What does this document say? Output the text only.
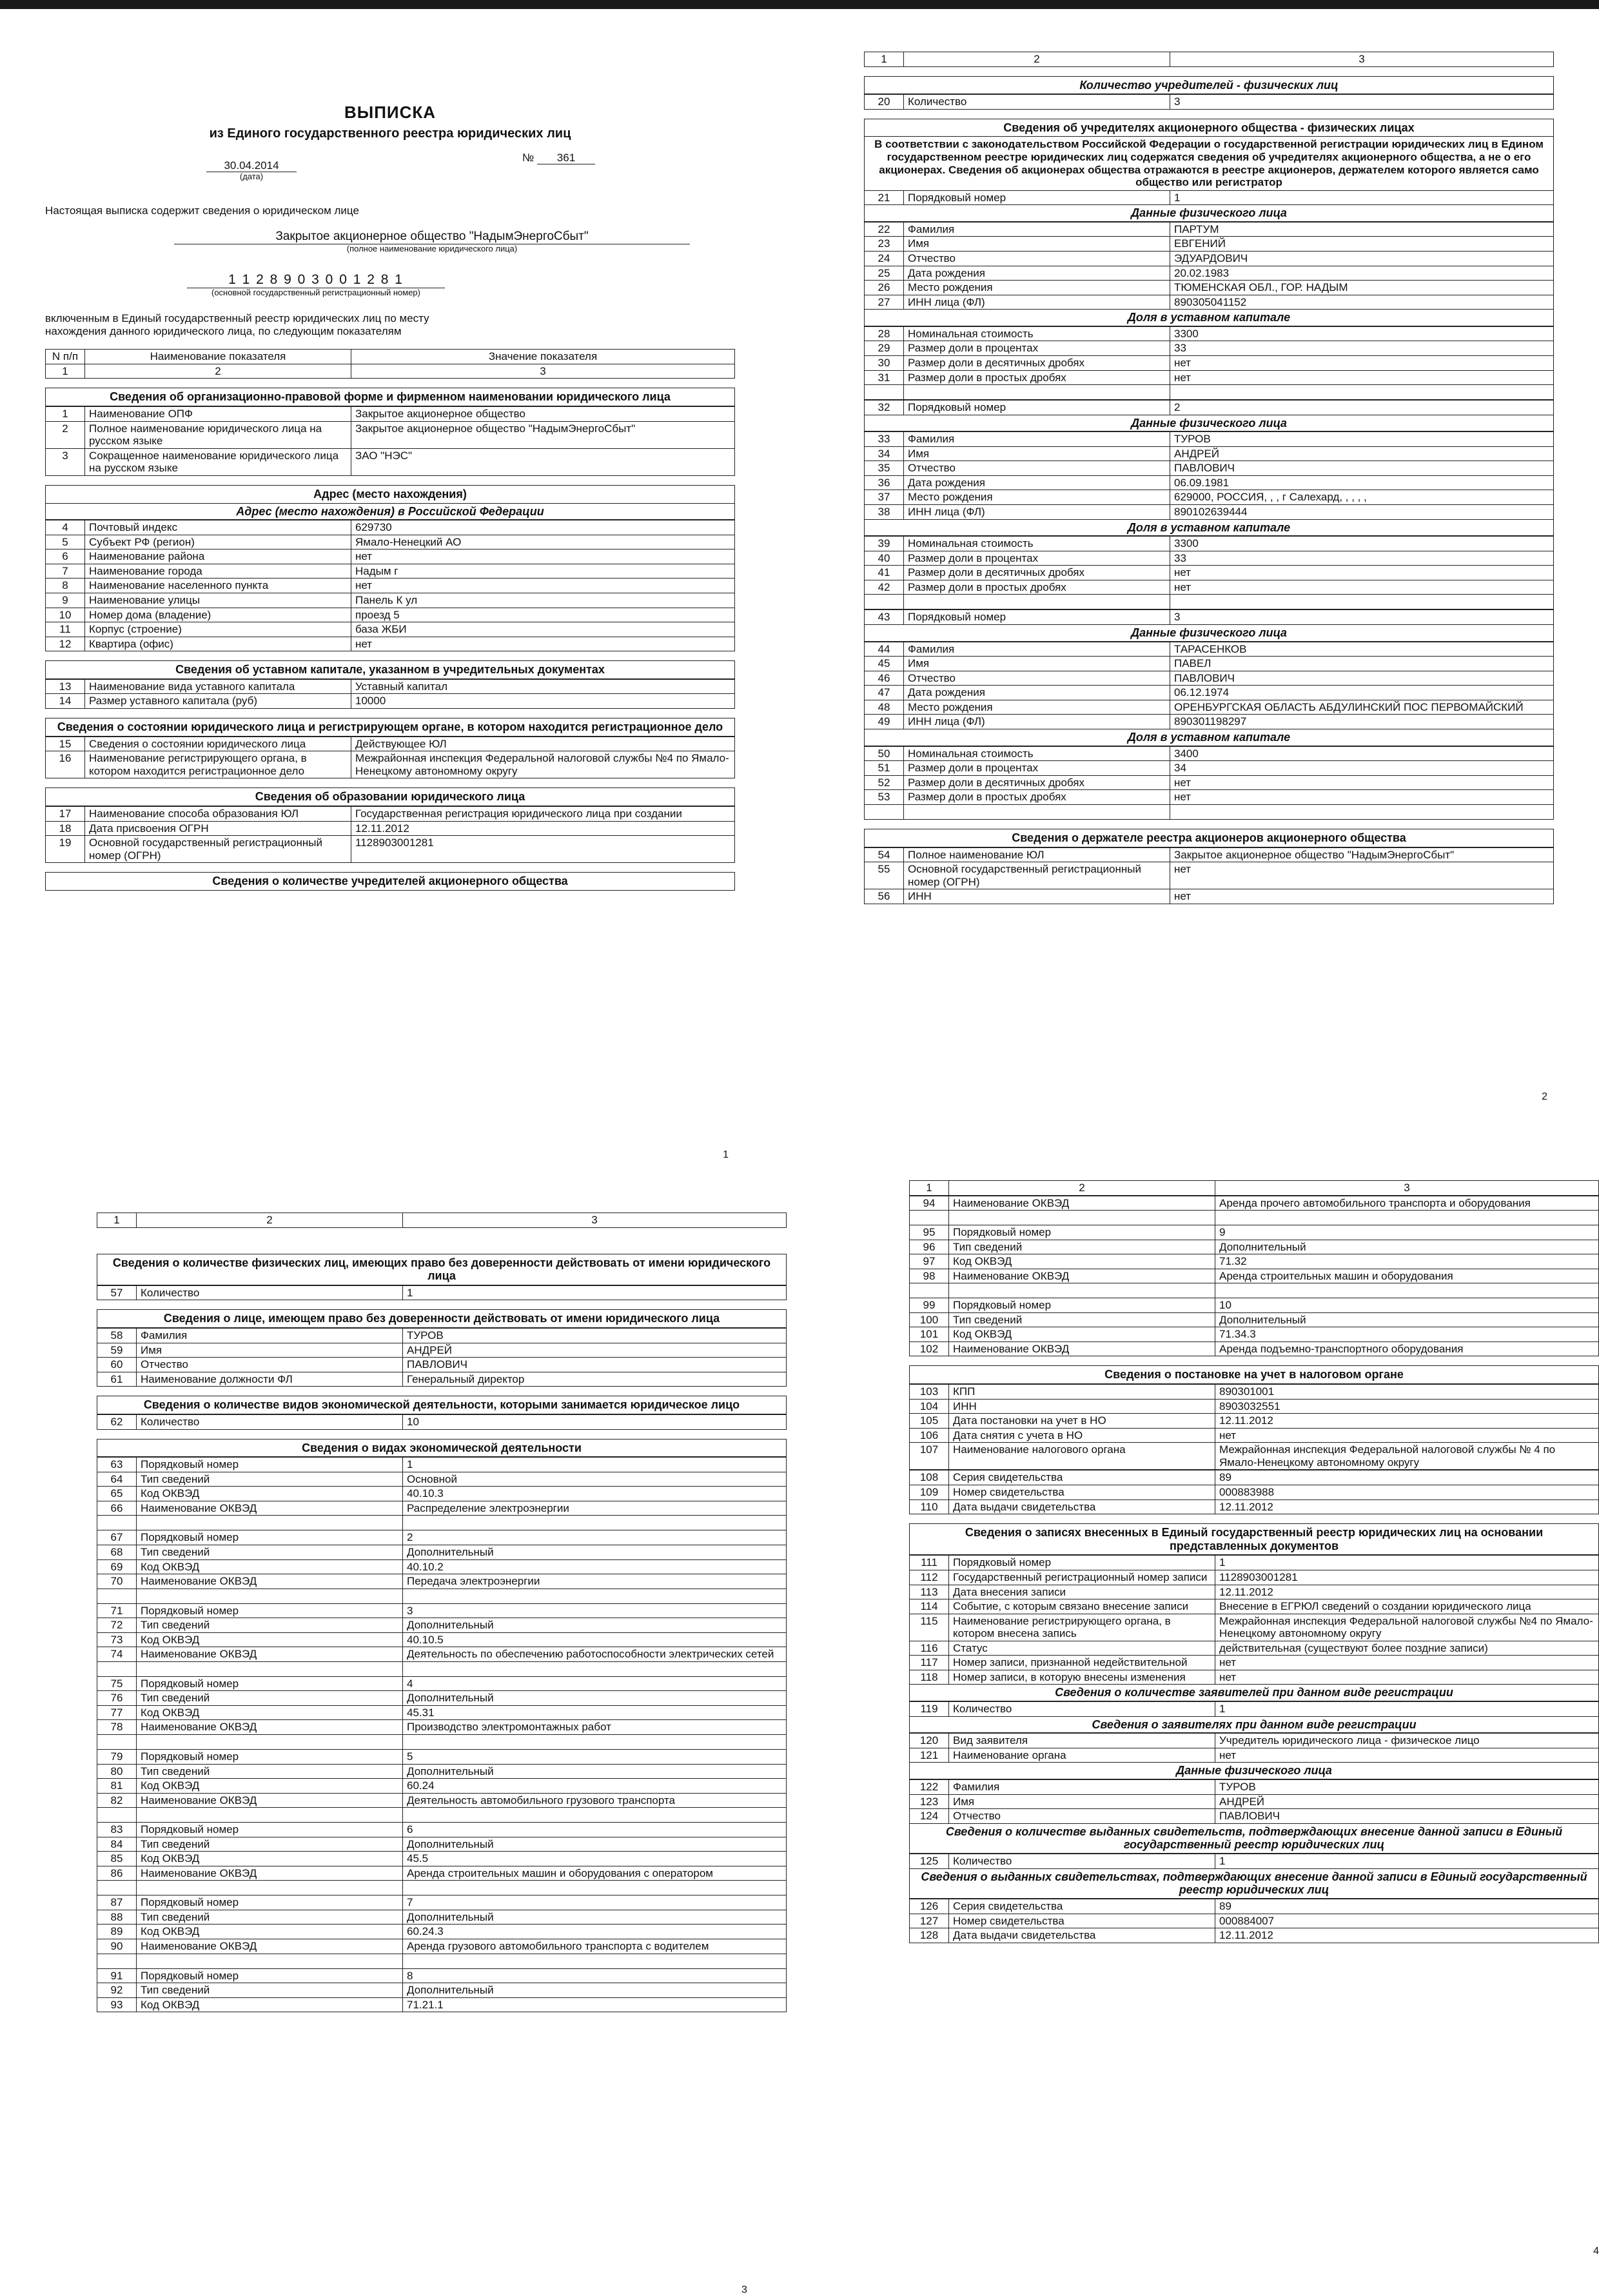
ВЫПИСКА
из Единого государственного реестра юридических лиц
30.04.2014
(дата)
№ 361
Настоящая выписка содержит сведения о юридическом лице
Закрытое акционерное общество "НадымЭнергоСбыт"
(полное наименование юридического лица)
1 1 2 8 9 0 3 0 0 1 2 8 1
(основной государственный регистрационный номер)
включенным в Единый государственный реестр юридических лиц по месту нахождения данного юридического лица, по следующим показателям
N п/п	Наименование показателя	Значение показателя
1	2	3
Сведения об организационно-правовой форме и фирменном наименовании юридического лица
1	Наименование ОПФ	Закрытое акционерное общество
2	Полное наименование юридического лица на русском языке	Закрытое акционерное общество "НадымЭнергоСбыт"
3	Сокращенное наименование юридического лица на русском языке	ЗАО "НЭС"
Адрес (место нахождения)
Адрес (место нахождения) в Российской Федерации
4	Почтовый индекс	629730
5	Субъект РФ (регион)	Ямало-Ненецкий АО
6	Наименование района	нет
7	Наименование города	Надым г
8	Наименование населенного пункта	нет
9	Наименование улицы	Панель К ул
10	Номер дома (владение)	проезд 5
11	Корпус (строение)	база ЖБИ
12	Квартира (офис)	нет
Сведения об уставном капитале, указанном в учредительных документах
13	Наименование вида уставного капитала	Уставный капитал
14	Размер уставного капитала (руб)	10000
Сведения о состоянии юридического лица и регистрирующем органе, в котором находится регистрационное дело
15	Сведения о состоянии юридического лица	Действующее ЮЛ
16	Наименование регистрирующего органа, в котором находится регистрационное дело	Межрайонная инспекция Федеральной налоговой службы №4 по Ямало-Ненецкому автономному округу
Сведения об образовании юридического лица
17	Наименование способа образования ЮЛ	Государственная регистрация юридического лица при создании
18	Дата присвоения ОГРН	12.11.2012
19	Основной государственный регистрационный номер (ОГРН)	1128903001281
Сведения о количестве учредителей акционерного общества
1
1	2	3
Количество учредителей - физических лиц
20	Количество	3
Сведения об учредителях акционерного общества - физических лицах
В соответствии с законодательством Российской Федерации о государственной регистрации юридических лиц в Едином государственном реестре юридических лиц содержатся сведения об учредителях акционерного общества, а не о его акционерах. Сведения об акционерах общества отражаются в реестре акционеров, держателем которого является само общество или регистратор
21	Порядковый номер	1
Данные физического лица
22	Фамилия	ПАРТУМ
23	Имя	ЕВГЕНИЙ
24	Отчество	ЭДУАРДОВИЧ
25	Дата рождения	20.02.1983
26	Место рождения	ТЮМЕНСКАЯ ОБЛ., ГОР. НАДЫМ
27	ИНН лица (ФЛ)	890305041152
Доля в уставном капитале
28	Номинальная стоимость	3300
29	Размер доли в процентах	33
30	Размер доли в десятичных дробях	нет
31	Размер доли в простых дробях	нет

32	Порядковый номер	2
Данные физического лица
33	Фамилия	ТУРОВ
34	Имя	АНДРЕЙ
35	Отчество	ПАВЛОВИЧ
36	Дата рождения	06.09.1981
37	Место рождения	629000, РОССИЯ, , , г Салехард, , , , ,
38	ИНН лица (ФЛ)	890102639444
Доля в уставном капитале
39	Номинальная стоимость	3300
40	Размер доли в процентах	33
41	Размер доли в десятичных дробях	нет
42	Размер доли в простых дробях	нет

43	Порядковый номер	3
Данные физического лица
44	Фамилия	ТАРАСЕНКОВ
45	Имя	ПАВЕЛ
46	Отчество	ПАВЛОВИЧ
47	Дата рождения	06.12.1974
48	Место рождения	ОРЕНБУРГСКАЯ ОБЛАСТЬ АБДУЛИНСКИЙ ПОС ПЕРВОМАЙСКИЙ
49	ИНН лица (ФЛ)	890301198297
Доля в уставном капитале
50	Номинальная стоимость	3400
51	Размер доли в процентах	34
52	Размер доли в десятичных дробях	нет
53	Размер доли в простых дробях	нет

Сведения о держателе реестра акционеров акционерного общества
54	Полное наименование ЮЛ	Закрытое акционерное общество "НадымЭнергоСбыт"
55	Основной государственный регистрационный номер (ОГРН)	нет
56	ИНН	нет
2
1	2	3
Сведения о количестве физических лиц, имеющих право без доверенности действовать от имени юридического лица
57	Количество	1
Сведения о лице, имеющем право без доверенности действовать от имени юридического лица
58	Фамилия	ТУРОВ
59	Имя	АНДРЕЙ
60	Отчество	ПАВЛОВИЧ
61	Наименование должности ФЛ	Генеральный директор
Сведения о количестве видов экономической деятельности, которыми занимается юридическое лицо
62	Количество	10
Сведения о видах экономической деятельности
63	Порядковый номер	1
64	Тип сведений	Основной
65	Код ОКВЭД	40.10.3
66	Наименование ОКВЭД	Распределение электроэнергии

67	Порядковый номер	2
68	Тип сведений	Дополнительный
69	Код ОКВЭД	40.10.2
70	Наименование ОКВЭД	Передача электроэнергии

71	Порядковый номер	3
72	Тип сведений	Дополнительный
73	Код ОКВЭД	40.10.5
74	Наименование ОКВЭД	Деятельность по обеспечению работоспособности электрических сетей

75	Порядковый номер	4
76	Тип сведений	Дополнительный
77	Код ОКВЭД	45.31
78	Наименование ОКВЭД	Производство электромонтажных работ

79	Порядковый номер	5
80	Тип сведений	Дополнительный
81	Код ОКВЭД	60.24
82	Наименование ОКВЭД	Деятельность автомобильного грузового транспорта

83	Порядковый номер	6
84	Тип сведений	Дополнительный
85	Код ОКВЭД	45.5
86	Наименование ОКВЭД	Аренда строительных машин и оборудования с оператором

87	Порядковый номер	7
88	Тип сведений	Дополнительный
89	Код ОКВЭД	60.24.3
90	Наименование ОКВЭД	Аренда грузового автомобильного транспорта с водителем

91	Порядковый номер	8
92	Тип сведений	Дополнительный
93	Код ОКВЭД	71.21.1
3
1	2	3
94	Наименование ОКВЭД	Аренда прочего автомобильного транспорта и оборудования

95	Порядковый номер	9
96	Тип сведений	Дополнительный
97	Код ОКВЭД	71.32
98	Наименование ОКВЭД	Аренда строительных машин и оборудования

99	Порядковый номер	10
100	Тип сведений	Дополнительный
101	Код ОКВЭД	71.34.3
102	Наименование ОКВЭД	Аренда подъемно-транспортного оборудования
Сведения о постановке на учет в налоговом органе
103	КПП	890301001
104	ИНН	8903032551
105	Дата постановки на учет в НО	12.11.2012
106	Дата снятия с учета в НО	нет
107	Наименование налогового органа	Межрайонная инспекция Федеральной налоговой службы № 4 по Ямало-Ненецкому автономному округу
108	Серия свидетельства	89
109	Номер свидетельства	000883988
110	Дата выдачи свидетельства	12.11.2012
Сведения о записях внесенных в Единый государственный реестр юридических лиц на основании представленных документов
111	Порядковый номер	1
112	Государственный регистрационный номер записи	1128903001281
113	Дата внесения записи	12.11.2012
114	Событие, с которым связано внесение записи	Внесение в ЕГРЮЛ сведений о создании юридического лица
115	Наименование регистрирующего органа, в котором внесена запись	Межрайонная инспекция Федеральной налоговой службы №4 по Ямало-Ненецкому автономному округу
116	Статус	действительная (существуют более поздние записи)
117	Номер записи, признанной недействительной	нет
118	Номер записи, в которую внесены изменения	нет
Сведения о количестве заявителей при данном виде регистрации
119	Количество	1
Сведения о заявителях при данном виде регистрации
120	Вид заявителя	Учредитель юридического лица - физическое лицо
121	Наименование органа	нет
Данные физического лица
122	Фамилия	ТУРОВ
123	Имя	АНДРЕЙ
124	Отчество	ПАВЛОВИЧ
Сведения о количестве выданных свидетельств, подтверждающих внесение данной записи в Единый государственный реестр юридических лиц
125	Количество	1
Сведения о выданных свидетельствах, подтверждающих внесение данной записи в Единый государственный реестр юридических лиц
126	Серия свидетельства	89
127	Номер свидетельства	000884007
128	Дата выдачи свидетельства	12.11.2012
4
